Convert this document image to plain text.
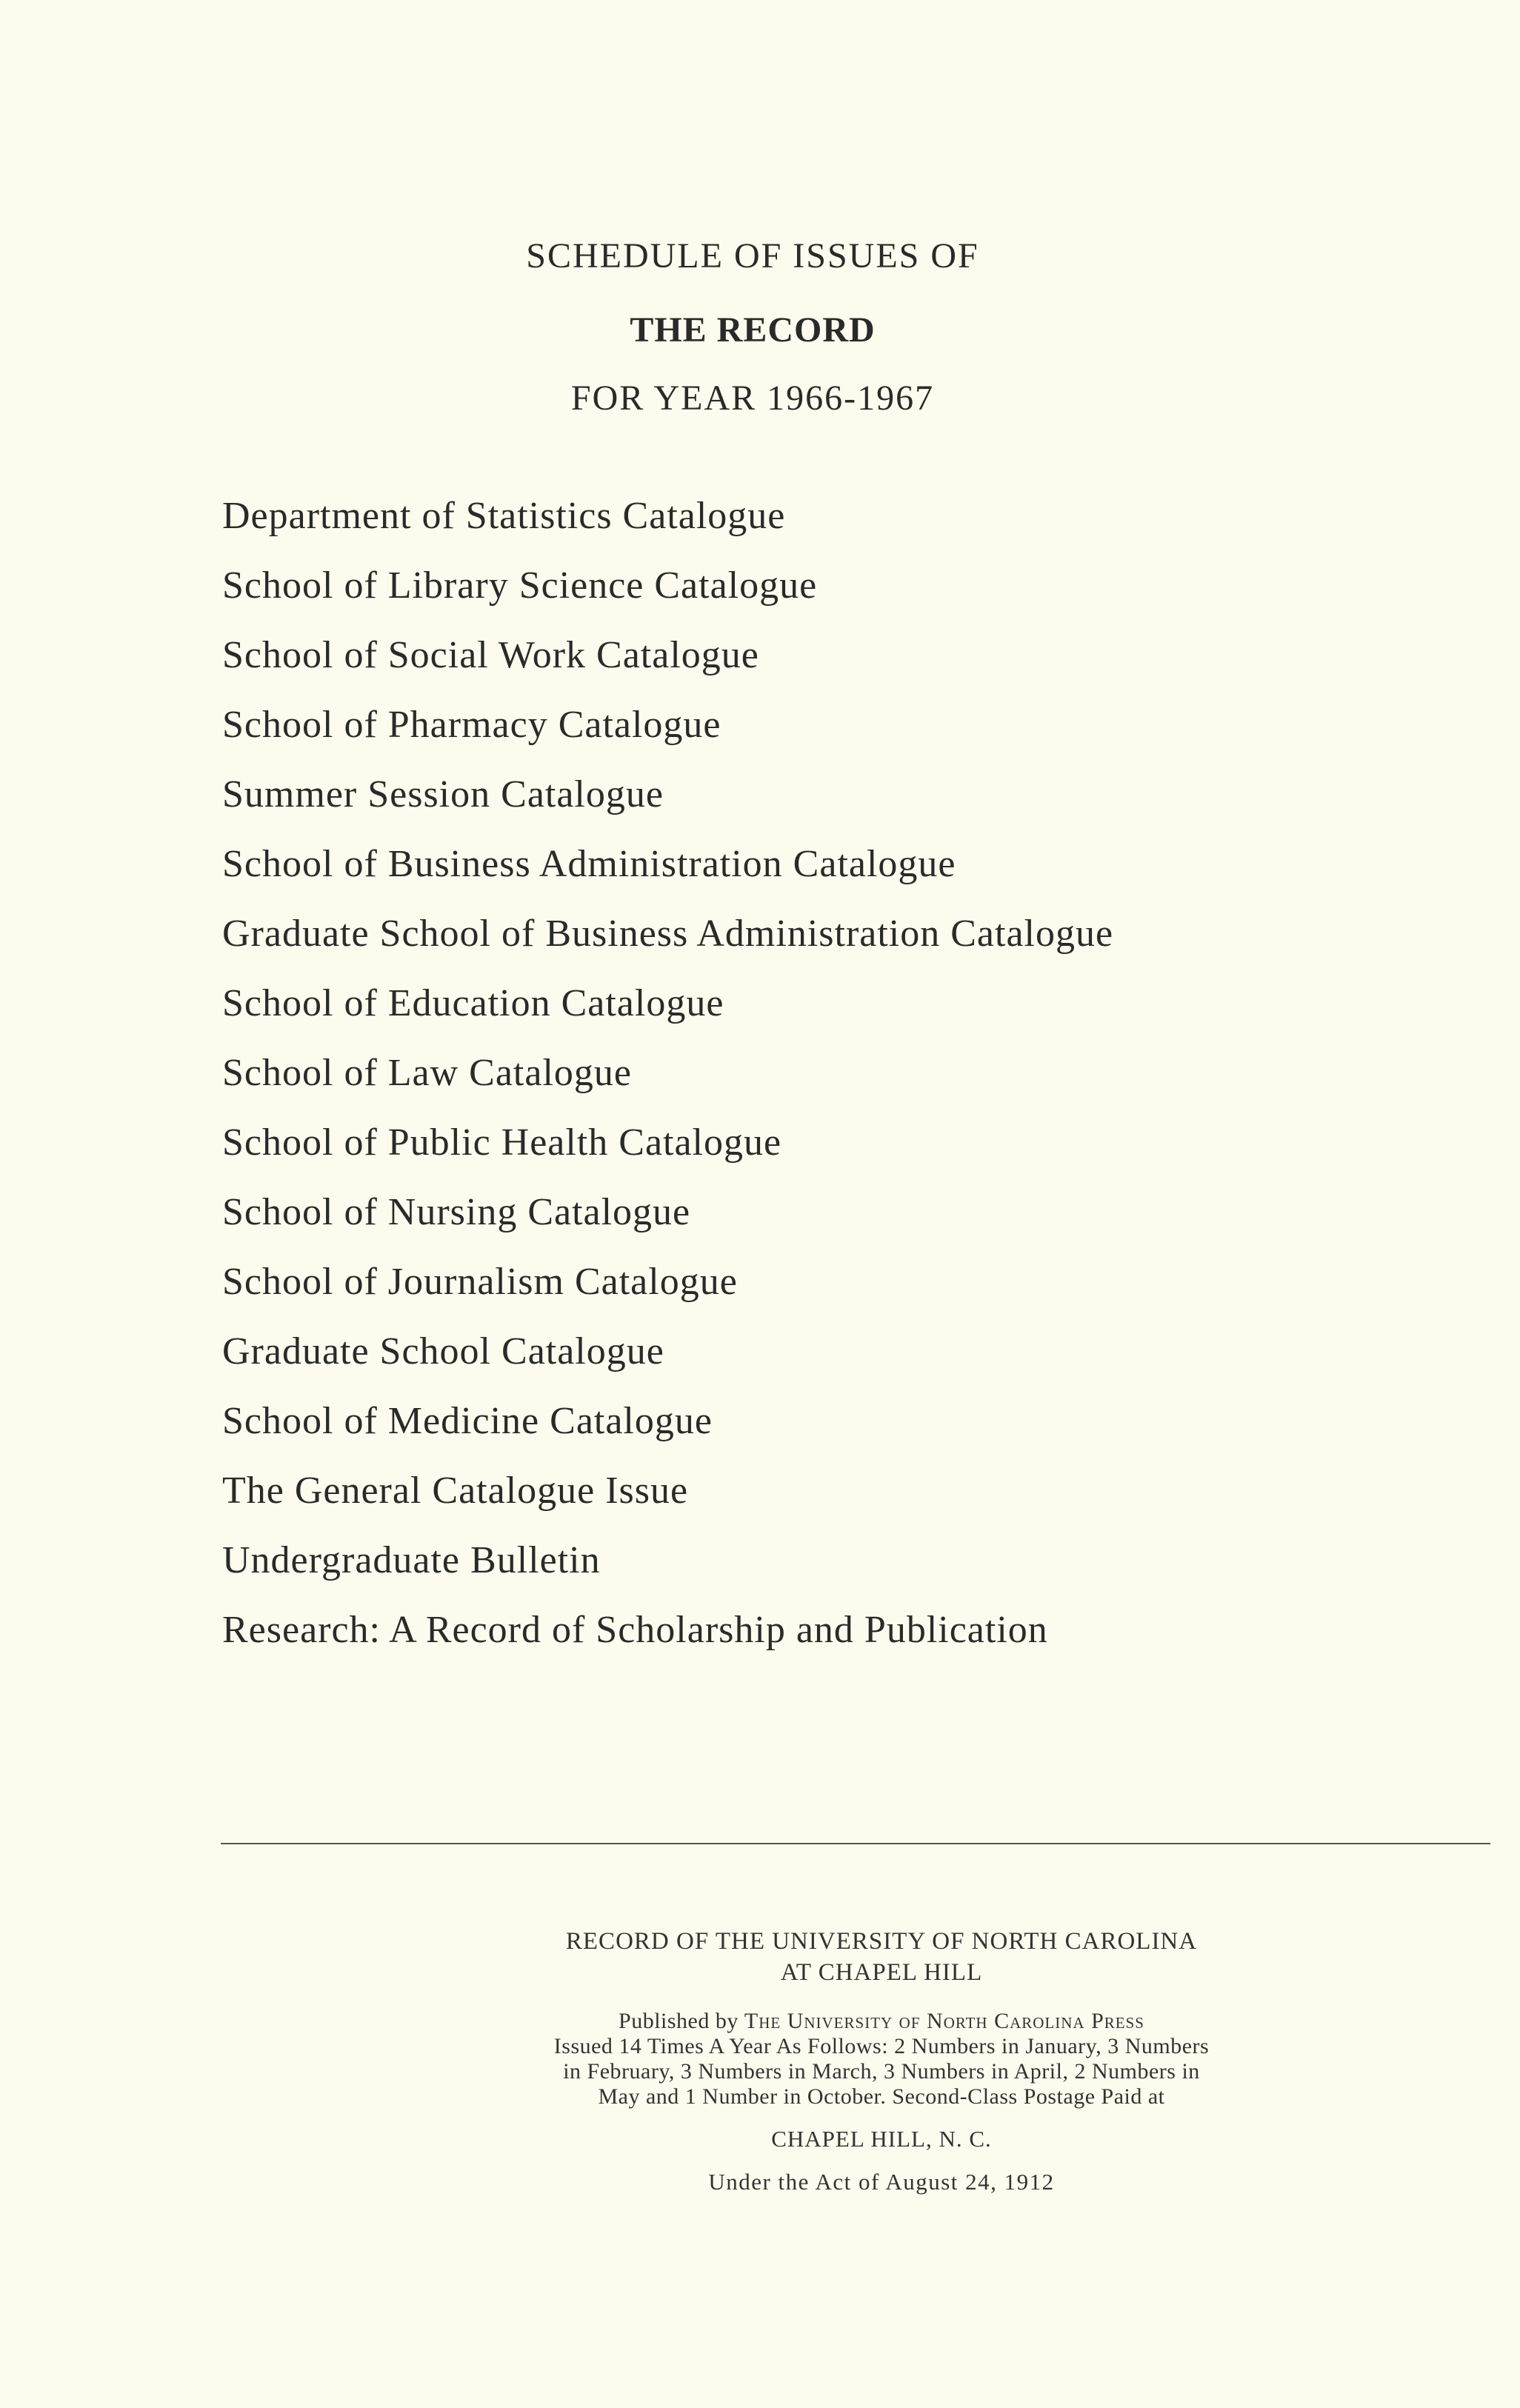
SCHEDULE OF ISSUES OF
THE RECORD
FOR YEAR 1966-1967
Department of Statistics Catalogue
School of Library Science Catalogue
School of Social Work Catalogue
School of Pharmacy Catalogue
Summer Session Catalogue
School of Business Administration Catalogue
Graduate School of Business Administration Catalogue
School of Education Catalogue
School of Law Catalogue
School of Public Health Catalogue
School of Nursing Catalogue
School of Journalism Catalogue
Graduate School Catalogue
School of Medicine Catalogue
The General Catalogue Issue
Undergraduate Bulletin
Research: A Record of Scholarship and Publication
RECORD OF THE UNIVERSITY OF NORTH CAROLINA
AT CHAPEL HILL
Published by The University of North Carolina Press
Issued 14 Times A Year As Follows: 2 Numbers in January, 3 Numbers
in February, 3 Numbers in March, 3 Numbers in April, 2 Numbers in
May and 1 Number in October. Second-Class Postage Paid at
CHAPEL HILL, N. C.
Under the Act of August 24, 1912
